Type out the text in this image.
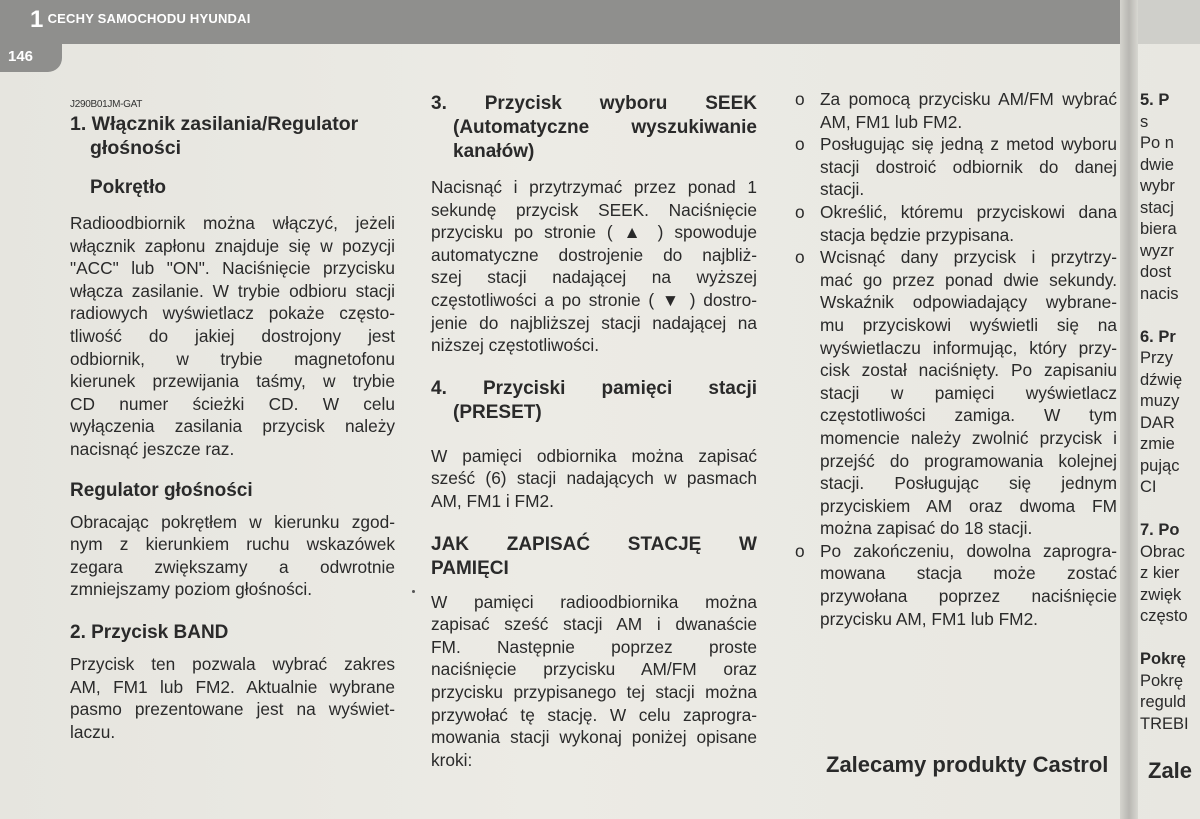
1 CECHY SAMOCHODU HYUNDAI
146

J290B01JM-GAT

1. Włącznik zasilania/Regulator
głośności

Pokrętło

Radioodbiornik można włączyć, jeżeli
włącznik zapłonu znajduje się w pozycji
"ACC" lub "ON". Naciśnięcie przycisku
włącza zasilanie. W trybie odbioru stacji
radiowych wyświetlacz pokaże często-
tliwość do jakiej dostrojony jest
odbiornik, w trybie magnetofonu
kierunek przewijania taśmy, w trybie
CD numer ścieżki CD. W celu
wyłączenia zasilania przycisk należy
nacisnąć jeszcze raz.

Regulator głośności

Obracając pokrętłem w kierunku zgod-
nym z kierunkiem ruchu wskazówek
zegara zwiększamy a odwrotnie
zmniejszamy poziom głośności.

2. Przycisk BAND

Przycisk ten pozwala wybrać zakres
AM, FM1 lub FM2. Aktualnie wybrane
pasmo prezentowane jest na wyświet-
laczu.
3. Przycisk wyboru SEEK
(Automatyczne wyszukiwanie
kanałów)
Nacisnąć i przytrzymać przez ponad 1
sekundę przycisk SEEK. Naciśnięcie
przycisku po stronie ( ▲ ) spowoduje
automatyczne dostrojenie do najbliż-
szej stacji nadającej na wyższej
częstotliwości a po stronie ( ▼ ) dostro-
jenie do najbliższej stacji nadającej na
niższej częstotliwości.
4. Przyciski pamięci stacji
(PRESET)
W pamięci odbiornika można zapisać
sześć (6) stacji nadających w pasmach
AM, FM1 i FM2.
JAK ZAPISAĆ STACJĘ W
PAMIĘCI
W pamięci radioodbiornika można
zapisać sześć stacji AM i dwanaście
FM. Następnie poprzez proste
naciśnięcie przycisku AM/FM oraz
przycisku przypisanego tej stacji można
przywołać tę stację. W celu zaprogra-
mowania stacji wykonaj poniżej opisane
kroki:
o Za pomocą przycisku AM/FM wybrać
AM, FM1 lub FM2.
o Posługując się jedną z metod wyboru
stacji dostroić odbiornik do danej
stacji.
o Określić, któremu przyciskowi dana
stacja będzie przypisana.
o Wcisnąć dany przycisk i przytrzy-
mać go przez ponad dwie sekundy.
Wskaźnik odpowiadający wybrane-
mu przyciskowi wyświetli się na
wyświetlaczu informując, który przy-
cisk został naciśnięty. Po zapisaniu
stacji w pamięci wyświetlacz
częstotliwości zamiga. W tym
momencie należy zwolnić przycisk i
przejść do programowania kolejnej
stacji. Posługując się jednym
przyciskiem AM oraz dwoma FM
można zapisać do 18 stacji.
o Po zakończeniu, dowolna zaprogra-
mowana stacja może zostać
przywołana poprzez naciśnięcie
przycisku AM, FM1 lub FM2.
Zalecamy produkty Castrol
5. P
s
Po n
dwie
wybr
stacj
biera
wyzr
dost
nacis

6. Pr
Przy
dźwię
muzy
DAR
zmie
pując
CI

7. Po
Obrac
z kier
zwięk
często

Pokrę
Pokrę
reguld
TREBI
Zale
